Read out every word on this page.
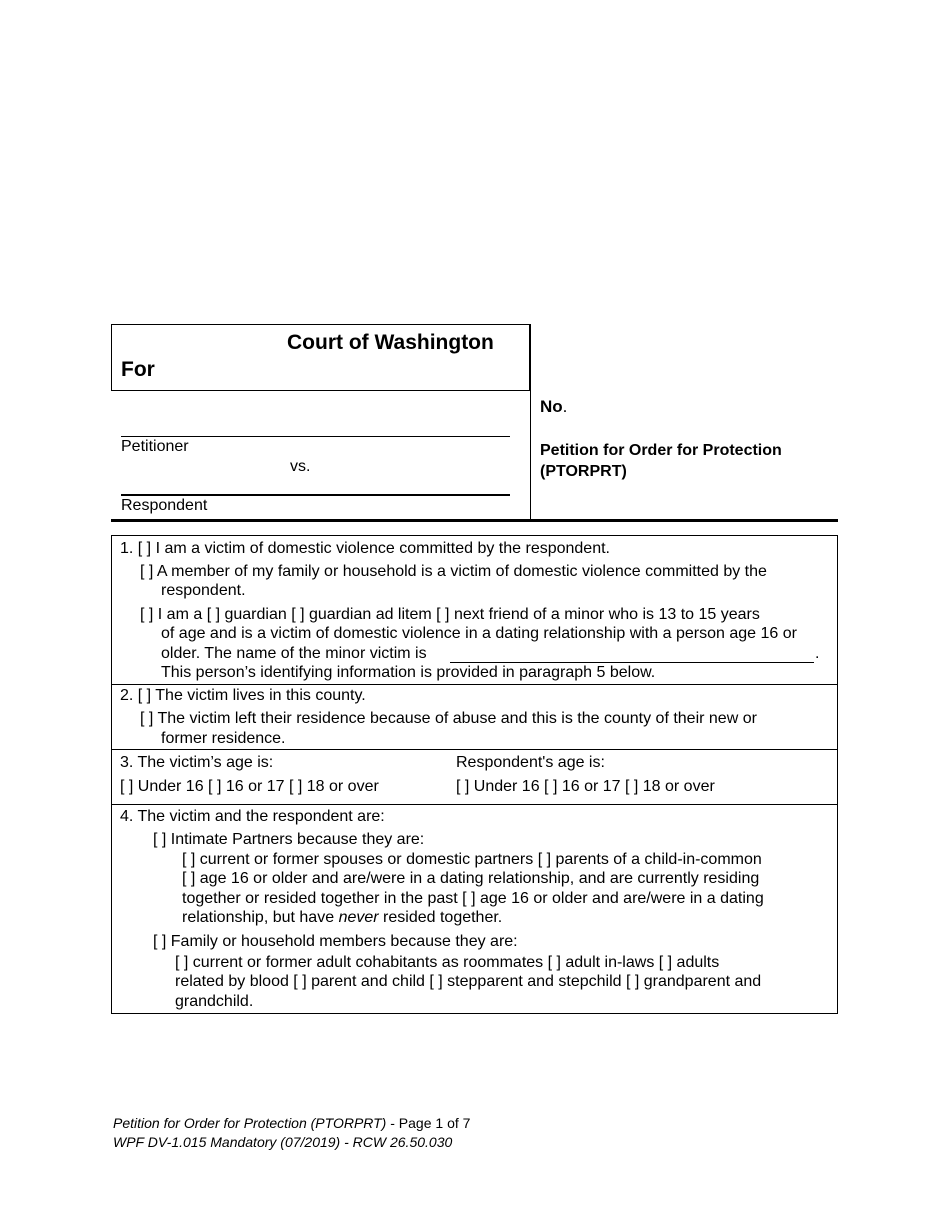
Court of Washington
For
Petitioner
vs.
Respondent
No.
Petition for Order for Protection
(PTORPRT)
1. [ ] I am a victim of domestic violence committed by the respondent.
[ ] A member of my family or household is a victim of domestic violence committed by the
respondent.
[ ] I am a [ ] guardian [ ] guardian ad litem [ ] next friend of a minor who is 13 to 15 years
of age and is a victim of domestic violence in a dating relationship with a person age 16 or
older. The name of the minor victim is	.
This person’s identifying information is provided in paragraph 5 below.
2. [ ] The victim lives in this county.
[ ] The victim left their residence because of abuse and this is the county of their new or
former residence.
3. The victim’s age is:
[ ] Under 16 [ ] 16 or 17 [ ] 18 or over
Respondent's age is:
[ ] Under 16 [ ] 16 or 17 [ ] 18 or over
4. The victim and the respondent are:
[ ] Intimate Partners because they are:
[ ] current or former spouses or domestic partners [ ] parents of a child-in-common
[ ] age 16 or older and are/were in a dating relationship, and are currently residing
together or resided together in the past [ ] age 16 or older and are/were in a dating
relationship, but have never resided together.
[ ] Family or household members because they are:
[ ] current or former adult cohabitants as roommates [ ] adult in-laws [ ] adults
related by blood [ ] parent and child [ ] stepparent and stepchild [ ] grandparent and
grandchild.
Petition for Order for Protection (PTORPRT) - Page 1 of 7
WPF DV-1.015 Mandatory (07/2019) - RCW 26.50.030
